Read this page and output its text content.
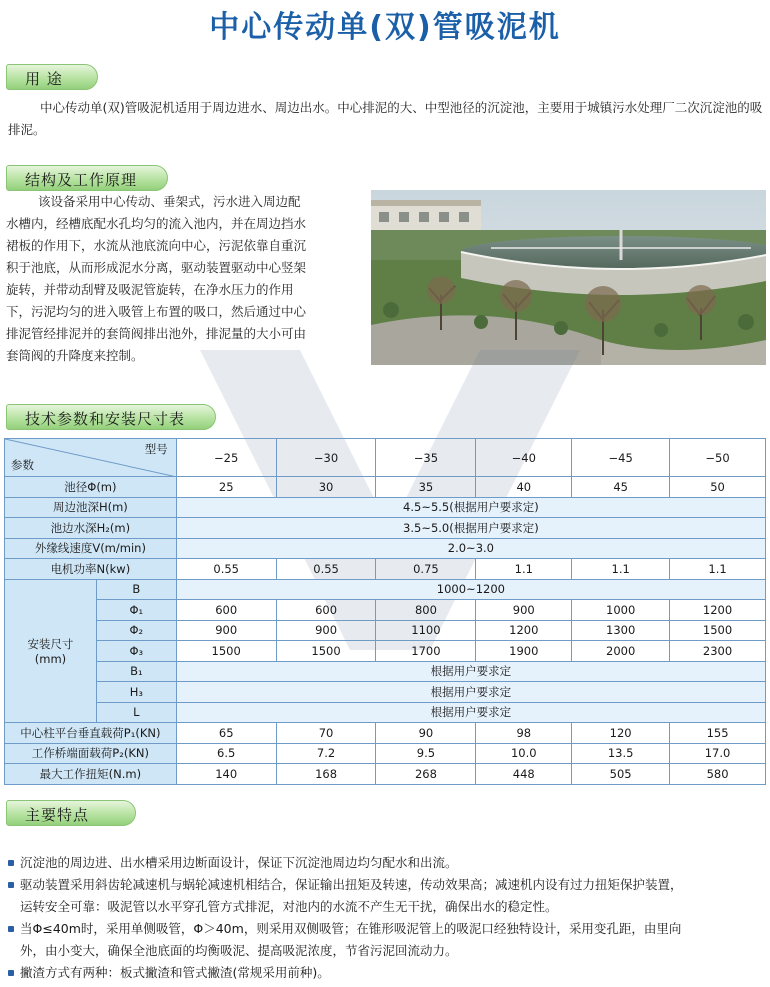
中心传动单(双)管吸泥机
用 途
中心传动单(双)管吸泥机适用于周边进水、周边出水。中心排泥的大、中型池径的沉淀池，主要用于城镇污水处理厂二次沉淀池的吸排泥。
结构及工作原理
该设备采用中心传动、垂架式，污水进入周边配
水槽内，经槽底配水孔均匀的流入池内，并在周边挡水
裙板的作用下，水流从池底流向中心，污泥依靠自重沉
积于池底，从而形成泥水分离，驱动装置驱动中心竖架
旋转，并带动刮臂及吸泥管旋转，在净水压力的作用
下，污泥均匀的进入吸管上布置的吸口，然后通过中心
排泥管经排泥并的套筒阀排出池外，排泥量的大小可由
套筒阀的升降度来控制。
技术参数和安装尺寸表
型号
参数		−25	−30	−35	−40	−45	−50
池径Φ(m)		25	30	35	40	45	50
周边池深H(m)		4.5~5.5(根据用户要求定)					
池边水深H₂(m)		3.5~5.0(根据用户要求定)					
外缘线速度V(m/min)		2.0~3.0					
电机功率N(kw)		0.55	0.55	0.75	1.1	1.1	1.1

安装尺寸
(mm)	B	1000~1200					
	Φ₁	600	600	800	900	1000	1200
	Φ₂	900	900	1100	1200	1300	1500
	Φ₃	1500	1500	1700	1900	2000	2300
	B₁	根据用户要求定					
	H₃	根据用户要求定					
	L	根据用户要求定					
中心柱平台垂直载荷P₁(KN)		65	70	90	98	120	155
工作桥端面载荷P₂(KN)		6.5	7.2	9.5	10.0	13.5	17.0
最大工作扭矩(N.m)		140	168	268	448	505	580
主要特点
沉淀池的周边进、出水槽采用边断面设计，保证下沉淀池周边均匀配水和出流。
驱动装置采用斜齿轮减速机与蜗轮减速机相结合，保证输出扭矩及转速，传动效果高；减速机内设有过力扭矩保护装置，
运转安全可靠：吸泥管以水平穿孔管方式排泥，对池内的水流不产生无干扰，确保出水的稳定性。
当Φ≤40m时，采用单侧吸管，Φ＞40m，则采用双侧吸管；在锥形吸泥管上的吸泥口经独特设计，采用变孔距，由里向
外，由小变大，确保全池底面的均衡吸泥、提高吸泥浓度，节省污泥回流动力。
撇渣方式有两种：板式撇渣和管式撇渣(常规采用前种)。
